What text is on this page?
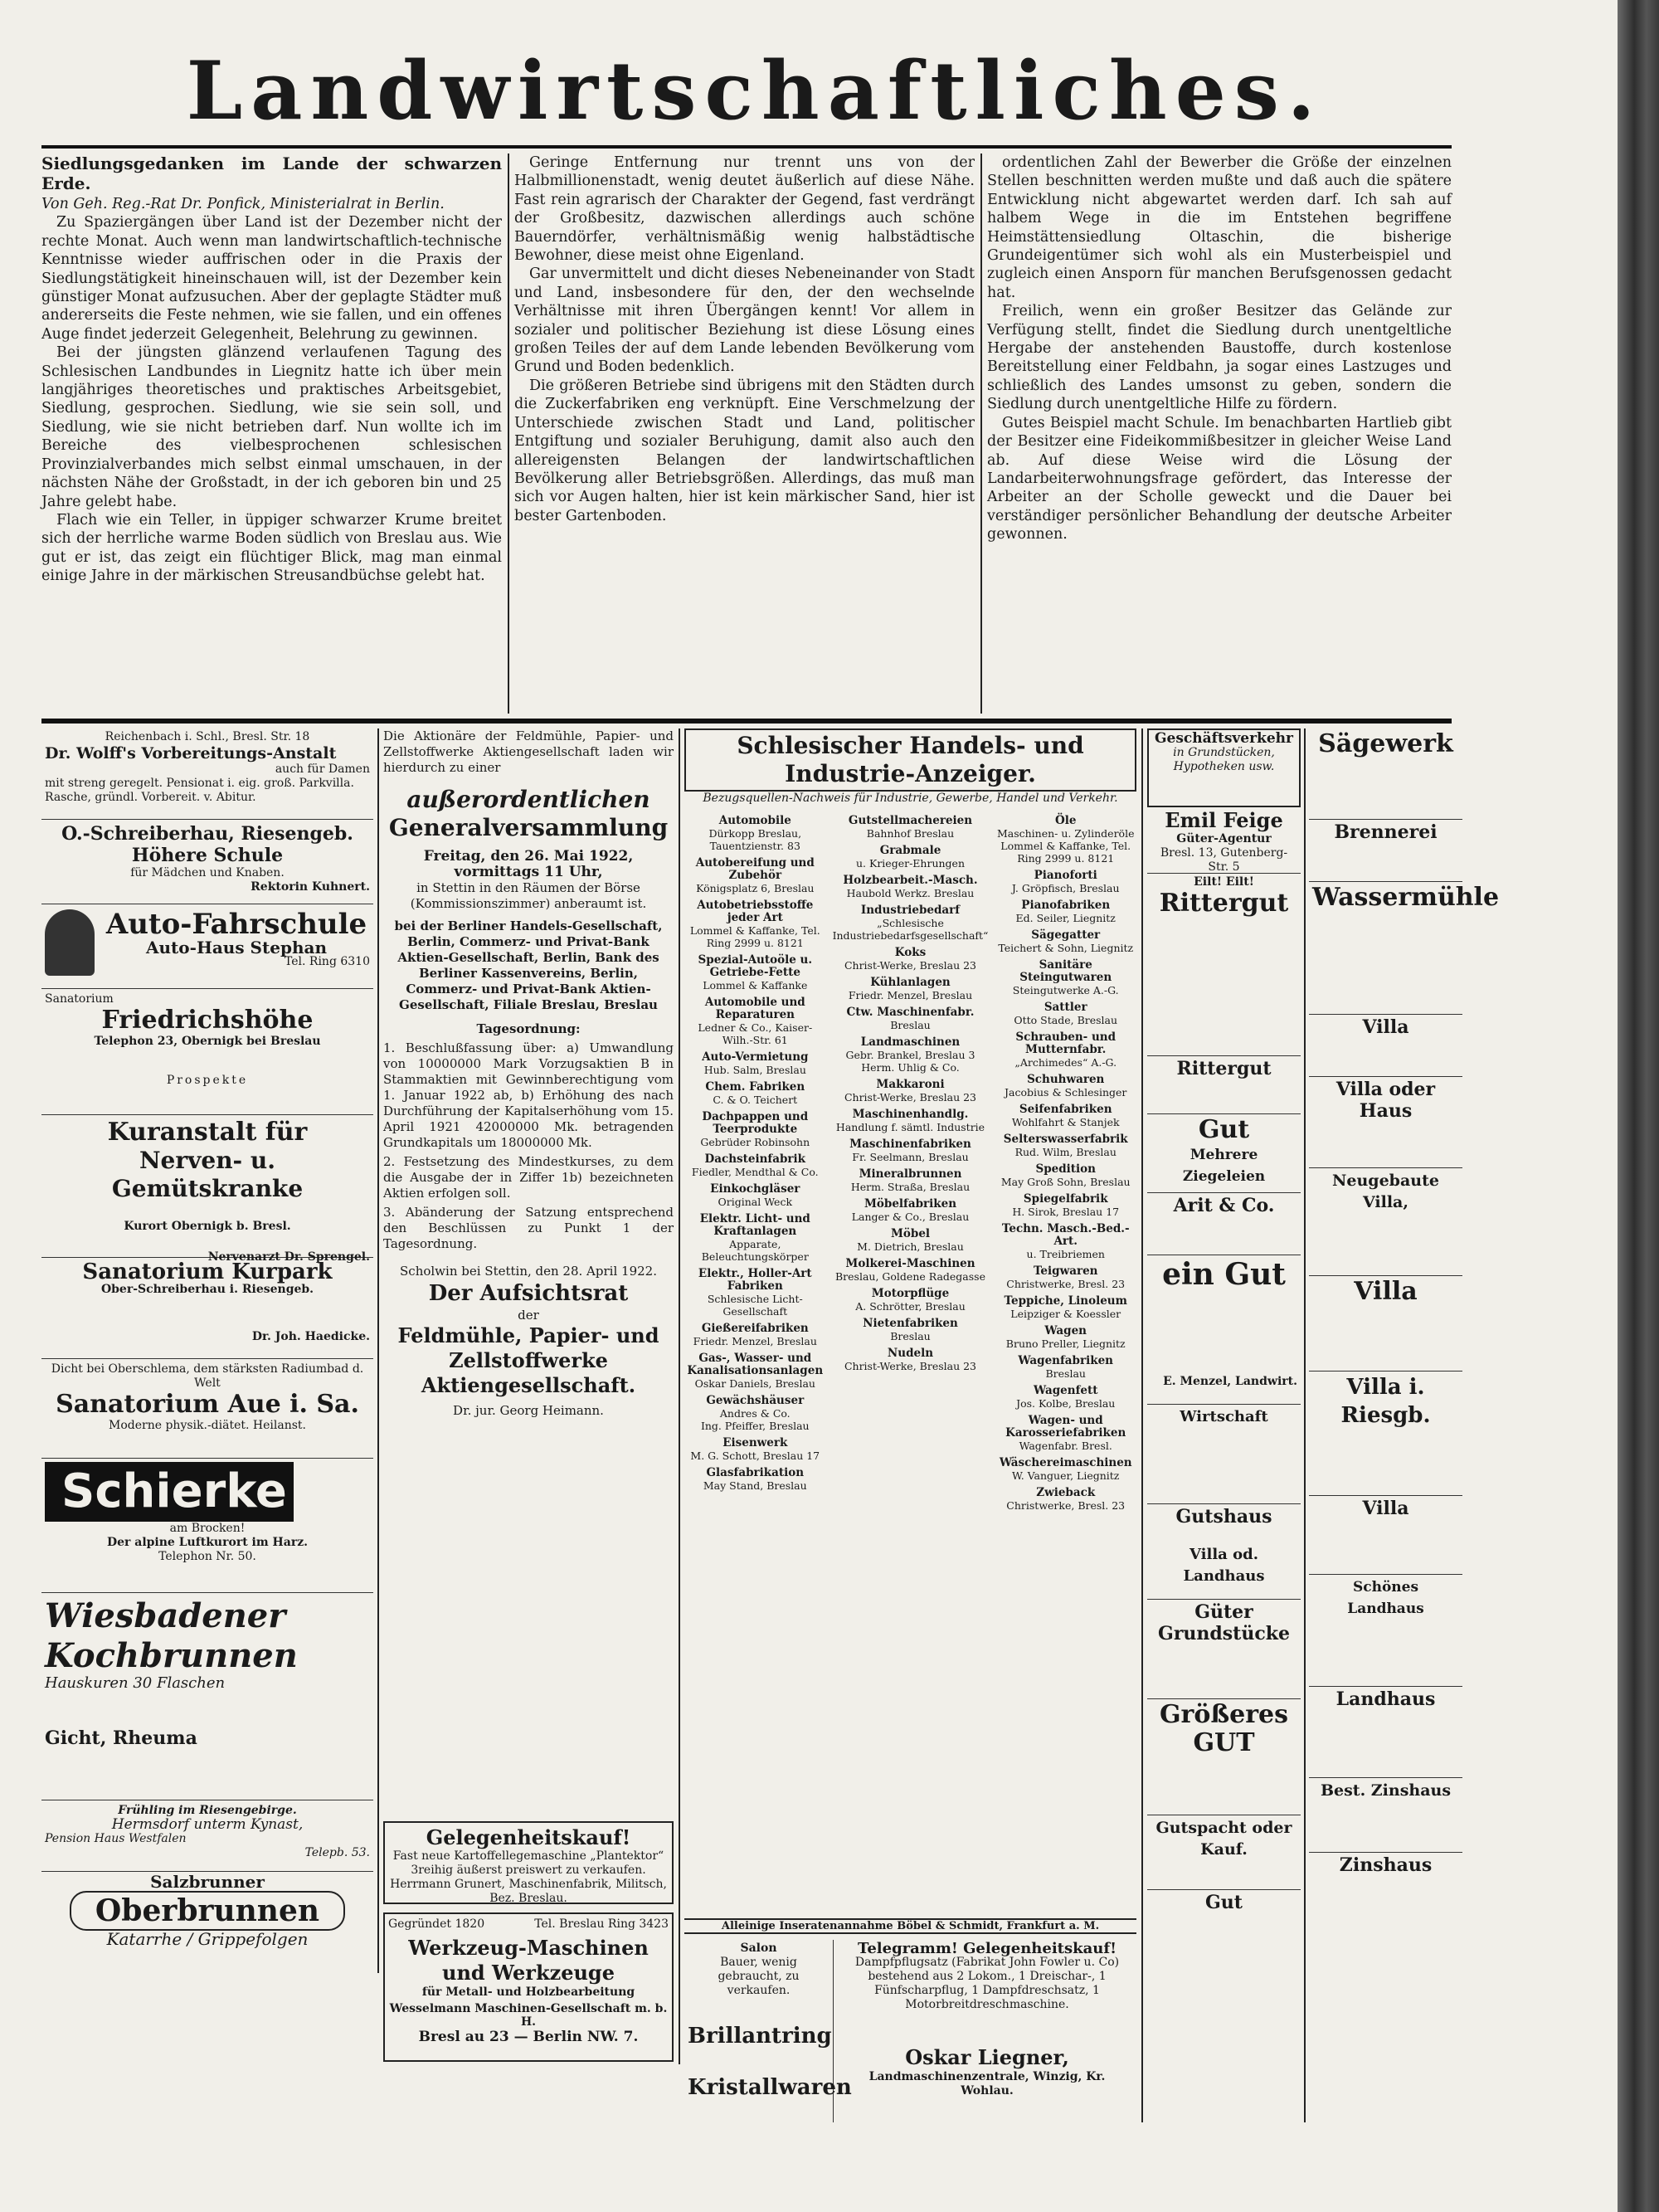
Landwirtschaftliches.
Siedlungsgedanken im Lande der schwarzen Erde.

Von Geh. Reg.-Rat Dr. Ponfick, Ministerialrat in Berlin.

Zu Spaziergängen über Land ist der Dezember nicht der rechte Monat. Auch wenn man landwirtschaftlich-technische Kenntnisse wieder auffrischen oder in die Praxis der Siedlungstätigkeit hineinschauen will, ist der Dezember kein günstiger Monat aufzusuchen. Aber der geplagte Städter muß andererseits die Feste nehmen, wie sie fallen, und ein offenes Auge findet jederzeit Gelegenheit, Belehrung zu gewinnen.

Bei der jüngsten glänzend verlaufenen Tagung des Schlesischen Landbundes in Liegnitz hatte ich über mein langjähriges theoretisches und praktisches Arbeitsgebiet, Siedlung, gesprochen. Siedlung, wie sie sein soll, und Siedlung, wie sie nicht betrieben darf. Nun wollte ich im Bereiche des vielbesprochenen schlesischen Provinzialverbandes mich selbst einmal umschauen, in der nächsten Nähe der Großstadt, in der ich geboren bin und 25 Jahre gelebt habe.

Flach wie ein Teller, in üppiger schwarzer Krume breitet sich der herrliche warme Boden südlich von Breslau aus. Wie gut er ist, das zeigt ein flüchtiger Blick, mag man einmal einige Jahre in der märkischen Streusandbüchse gelebt hat.

Geringe Entfernung nur trennt uns von der Halbmillionenstadt, wenig deutet äußerlich auf diese Nähe. Fast rein agrarisch der Charakter der Gegend, fast verdrängt der Großbesitz, dazwischen allerdings auch schöne Bauerndörfer, verhältnismäßig wenig halbstädtische Bewohner, diese meist ohne Eigenland.

Gar unvermittelt und dicht dieses Nebeneinander von Stadt und Land, insbesondere für den, der den wechselnde Verhältnisse mit ihren Übergängen kennt! Vor allem in sozialer und politischer Beziehung ist diese Lösung eines großen Teiles der auf dem Lande lebenden Bevölkerung vom Grund und Boden bedenklich.

Die größeren Betriebe sind übrigens mit den Städten durch die Zuckerfabriken eng verknüpft. Eine Verschmelzung der Unterschiede zwischen Stadt und Land, politischer Entgiftung und sozialer Beruhigung, damit also auch den allereigensten Belangen der landwirtschaftlichen Bevölkerung aller Betriebsgrößen. Allerdings, das muß man sich vor Augen halten, hier ist kein märkischer Sand, hier ist bester Gartenboden.

ordentlichen Zahl der Bewerber die Größe der einzelnen Stellen beschnitten werden mußte und daß auch die spätere Entwicklung nicht abgewartet werden darf. Ich sah auf halbem Wege in die im Entstehen begriffene Heimstättensiedlung Oltaschin, die bisherige Grundeigentümer sich wohl als ein Musterbeispiel und zugleich einen Ansporn für manchen Berufsgenossen gedacht hat.

Freilich, wenn ein großer Besitzer das Gelände zur Verfügung stellt, findet die Siedlung durch unentgeltliche Hergabe der anstehenden Baustoffe, durch kostenlose Bereitstellung einer Feldbahn, ja sogar eines Lastzuges und schließlich des Landes umsonst zu geben, sondern die Siedlung durch unentgeltliche Hilfe zu fördern.

Gutes Beispiel macht Schule. Im benachbarten Hartlieb gibt der Besitzer eine Fideikommißbesitzer in gleicher Weise Land ab. Auf diese Weise wird die Lösung der Landarbeiterwohnungsfrage gefördert, das Interesse der Arbeiter an der Scholle geweckt und die Dauer bei verständiger persönlicher Behandlung der deutsche Arbeiter gewonnen.

Reichenbach i. Schl., Bresl. Str. 18
Dr. Wolff's Vorbereitungs-Anstalt
auch für Damen
mit streng geregelt. Pensionat i. eig. groß. Parkvilla. Rasche, gründl. Vorbereit. v. Abitur.
O.-Schreiberhau, Riesengeb.
Höhere Schule
für Mädchen und Knaben.
Rektorin Kuhnert.
Auto-Fahrschule
Auto-Haus Stephan
Tel. Ring 6310
Sanatorium
Friedrichshöhe
Telephon 23, Obernigk bei Breslau
Prospekte
Kuranstalt für
Nerven- u. Gemütskranke
Kurort Obernigk b. Bresl.
Nervenarzt Dr. Sprengel.
Sanatorium Kurpark
Ober-Schreiberhau i. Riesengeb.
Dr. Joh. Haedicke.
Dicht bei Oberschlema, dem stärksten Radiumbad d. Welt
Sanatorium Aue i. Sa.
Moderne physik.-diätet. Heilanst.
Schierke
am Brocken!
Der alpine Luftkurort im Harz.
Telephon Nr. 50.
Wiesbadener
Kochbrunnen
Hauskuren 30 Flaschen
Gicht, Rheuma
Frühling im Riesengebirge.
Hermsdorf unterm Kynast,
Pension Haus Westfalen
Telepb. 53.
Salzbrunner
Oberbrunnen
Katarrhe / Grippefolgen
Die Aktionäre der Feldmühle, Papier- und Zellstoffwerke Aktiengesellschaft laden wir hierdurch zu einer
außerordentlichen
Generalversammlung
Freitag, den 26. Mai 1922, vormittags 11 Uhr,
in Stettin in den Räumen der Börse (Kommissionszimmer) anberaumt ist.
bei der Berliner Handels-Gesellschaft, Berlin, Commerz- und Privat-Bank Aktien-Gesellschaft, Berlin, Bank des Berliner Kassenvereins, Berlin, Commerz- und Privat-Bank Aktien-Gesellschaft, Filiale Breslau, Breslau
Tagesordnung:
1. Beschlußfassung über: a) Umwandlung von 10000000 Mark Vorzugsaktien B in Stammaktien mit Gewinnberechtigung vom 1. Januar 1922 ab, b) Erhöhung des nach Durchführung der Kapitalserhöhung vom 15. April 1921 42000000 Mk. betragenden Grundkapitals um 18000000 Mk.
2. Festsetzung des Mindestkurses, zu dem die Ausgabe der in Ziffer 1b) bezeichneten Aktien erfolgen soll.
3. Abänderung der Satzung entsprechend den Beschlüssen zu Punkt 1 der Tagesordnung.
Scholwin bei Stettin, den 28. April 1922.
Der Aufsichtsrat
der
Feldmühle, Papier- und Zellstoffwerke Aktiengesellschaft.
Dr. jur. Georg Heimann.
Gelegenheitskauf!
Fast neue Kartoffellegemaschine „Plantektor“ 3reihig äußerst preiswert zu verkaufen. Herrmann Grunert, Maschinenfabrik, Militsch, Bez. Breslau.
Gegründet 1820	Tel. Breslau Ring 3423
Werkzeug-Maschinen und Werkzeuge
für Metall- und Holzbearbeitung
Wesselmann Maschinen-Gesellschaft m. b. H.
Bresl au 23 — Berlin NW. 7.
Schlesischer Handels- und Industrie-Anzeiger.
Bezugsquellen-Nachweis für Industrie, Gewerbe, Handel und Verkehr.
Automobile
Dürkopp Breslau, Tauentzienstr. 83
Autobereifung und Zubehör
Königsplatz 6, Breslau
Autobetriebsstoffe jeder Art
Lommel & Kaffanke, Tel. Ring 2999 u. 8121
Spezial-Autoöle u. Getriebe-Fette
Lommel & Kaffanke
Automobile und Reparaturen
Ledner & Co., Kaiser-Wilh.-Str. 61
Auto-Vermietung
Hub. Salm, Breslau
Chem. Fabriken
C. & O. Teichert
Dachpappen und Teerprodukte
Gebrüder Robinsohn
Dachsteinfabrik
Fiedler, Mendthal & Co.
Einkochgläser
Original Weck
Elektr. Licht- und Kraftanlagen
Apparate, Beleuchtungskörper
Elektr., Holler-Art Fabriken
Schlesische Licht-Gesellschaft
Gießereifabriken
Friedr. Menzel, Breslau
Gas-, Wasser- und Kanalisationsanlagen
Oskar Daniels, Breslau
Gewächshäuser
Andres & Co.
Ing. Pfeiffer, Breslau
Eisenwerk
M. G. Schott, Breslau 17
Glasfabrikation
May Stand, Breslau
Gutstellmachereien
Bahnhof Breslau
Grabmale
u. Krieger-Ehrungen
Holzbearbeit.-Masch.
Haubold Werkz. Breslau
Industriebedarf
„Schlesische Industriebedarfsgesellschaft“
Koks
Christ-Werke, Breslau 23
Kühlanlagen
Friedr. Menzel, Breslau
Ctw. Maschinenfabr.
Breslau
Landmaschinen
Gebr. Brankel, Breslau 3
Herm. Uhlig & Co.
Makkaroni
Christ-Werke, Breslau 23
Maschinenhandlg.
Handlung f. sämtl. Industrie
Maschinenfabriken
Fr. Seelmann, Breslau
Mineralbrunnen
Herm. Straßa, Breslau
Möbelfabriken
Langer & Co., Breslau
Möbel
M. Dietrich, Breslau
Molkerei-Maschinen
Breslau, Goldene Radegasse
Motorpflüge
A. Schrötter, Breslau
Nietenfabriken
Breslau
Nudeln
Christ-Werke, Breslau 23
Öle
Maschinen- u. Zylinderöle
Lommel & Kaffanke, Tel. Ring 2999 u. 8121
Pianoforti
J. Gröpfisch, Breslau
Pianofabriken
Ed. Seiler, Liegnitz
Sägegatter
Teichert & Sohn, Liegnitz
Sanitäre Steingutwaren
Steingutwerke A.-G.
Sattler
Otto Stade, Breslau
Schrauben- und Mutternfabr.
„Archimedes“ A.-G.
Schuhwaren
Jacobius & Schlesinger
Seifenfabriken
Wohlfahrt & Stanjek
Selterswasserfabrik
Rud. Wilm, Breslau
Spedition
May Groß Sohn, Breslau
Spiegelfabrik
H. Sirok, Breslau 17
Techn. Masch.-Bed.-Art.
u. Treibriemen
Teigwaren
Christwerke, Bresl. 23
Teppiche, Linoleum
Leipziger & Koessler
Wagen
Bruno Preller, Liegnitz
Wagenfabriken
Breslau
Wagenfett
Jos. Kolbe, Breslau
Wagen- und Karosseriefabriken
Wagenfabr. Bresl.
Wäschereimaschinen
W. Vanguer, Liegnitz
Zwieback
Christwerke, Bresl. 23
Alleinige Inseratenannahme Böbel & Schmidt, Frankfurt a. M.
Salon
Bauer, wenig gebraucht, zu verkaufen.
Brillantring
Kristallwaren
Telegramm! Gelegenheitskauf!
Dampfpflugsatz (Fabrikat John Fowler u. Co) bestehend aus 2 Lokom., 1 Dreischar-, 1 Fünfscharpflug, 1 Dampfdreschsatz, 1 Motorbreitdreschmaschine.
Oskar Liegner,
Landmaschinenzentrale, Winzig, Kr. Wohlau.
Geschäftsverkehr
in Grundstücken, Hypotheken usw.
Emil Feige
Güter-Agentur
Bresl. 13, Gutenberg-Str. 5
Eilt! Eilt!
Rittergut
Rittergut
Gut
Mehrere Ziegeleien
Arit & Co.
ein Gut
E. Menzel, Landwirt.
Wirtschaft
Gutshaus
Villa od. Landhaus
Güter
Grundstücke
Größeres
GUT
Gutspacht oder Kauf.
Gut
Sägewerk
Brennerei
Wassermühle
Villa
Villa oder Haus
Neugebaute Villa,
Villa
Villa i. Riesgb.
Villa
Schönes Landhaus
Landhaus
Best. Zinshaus
Zinshaus
